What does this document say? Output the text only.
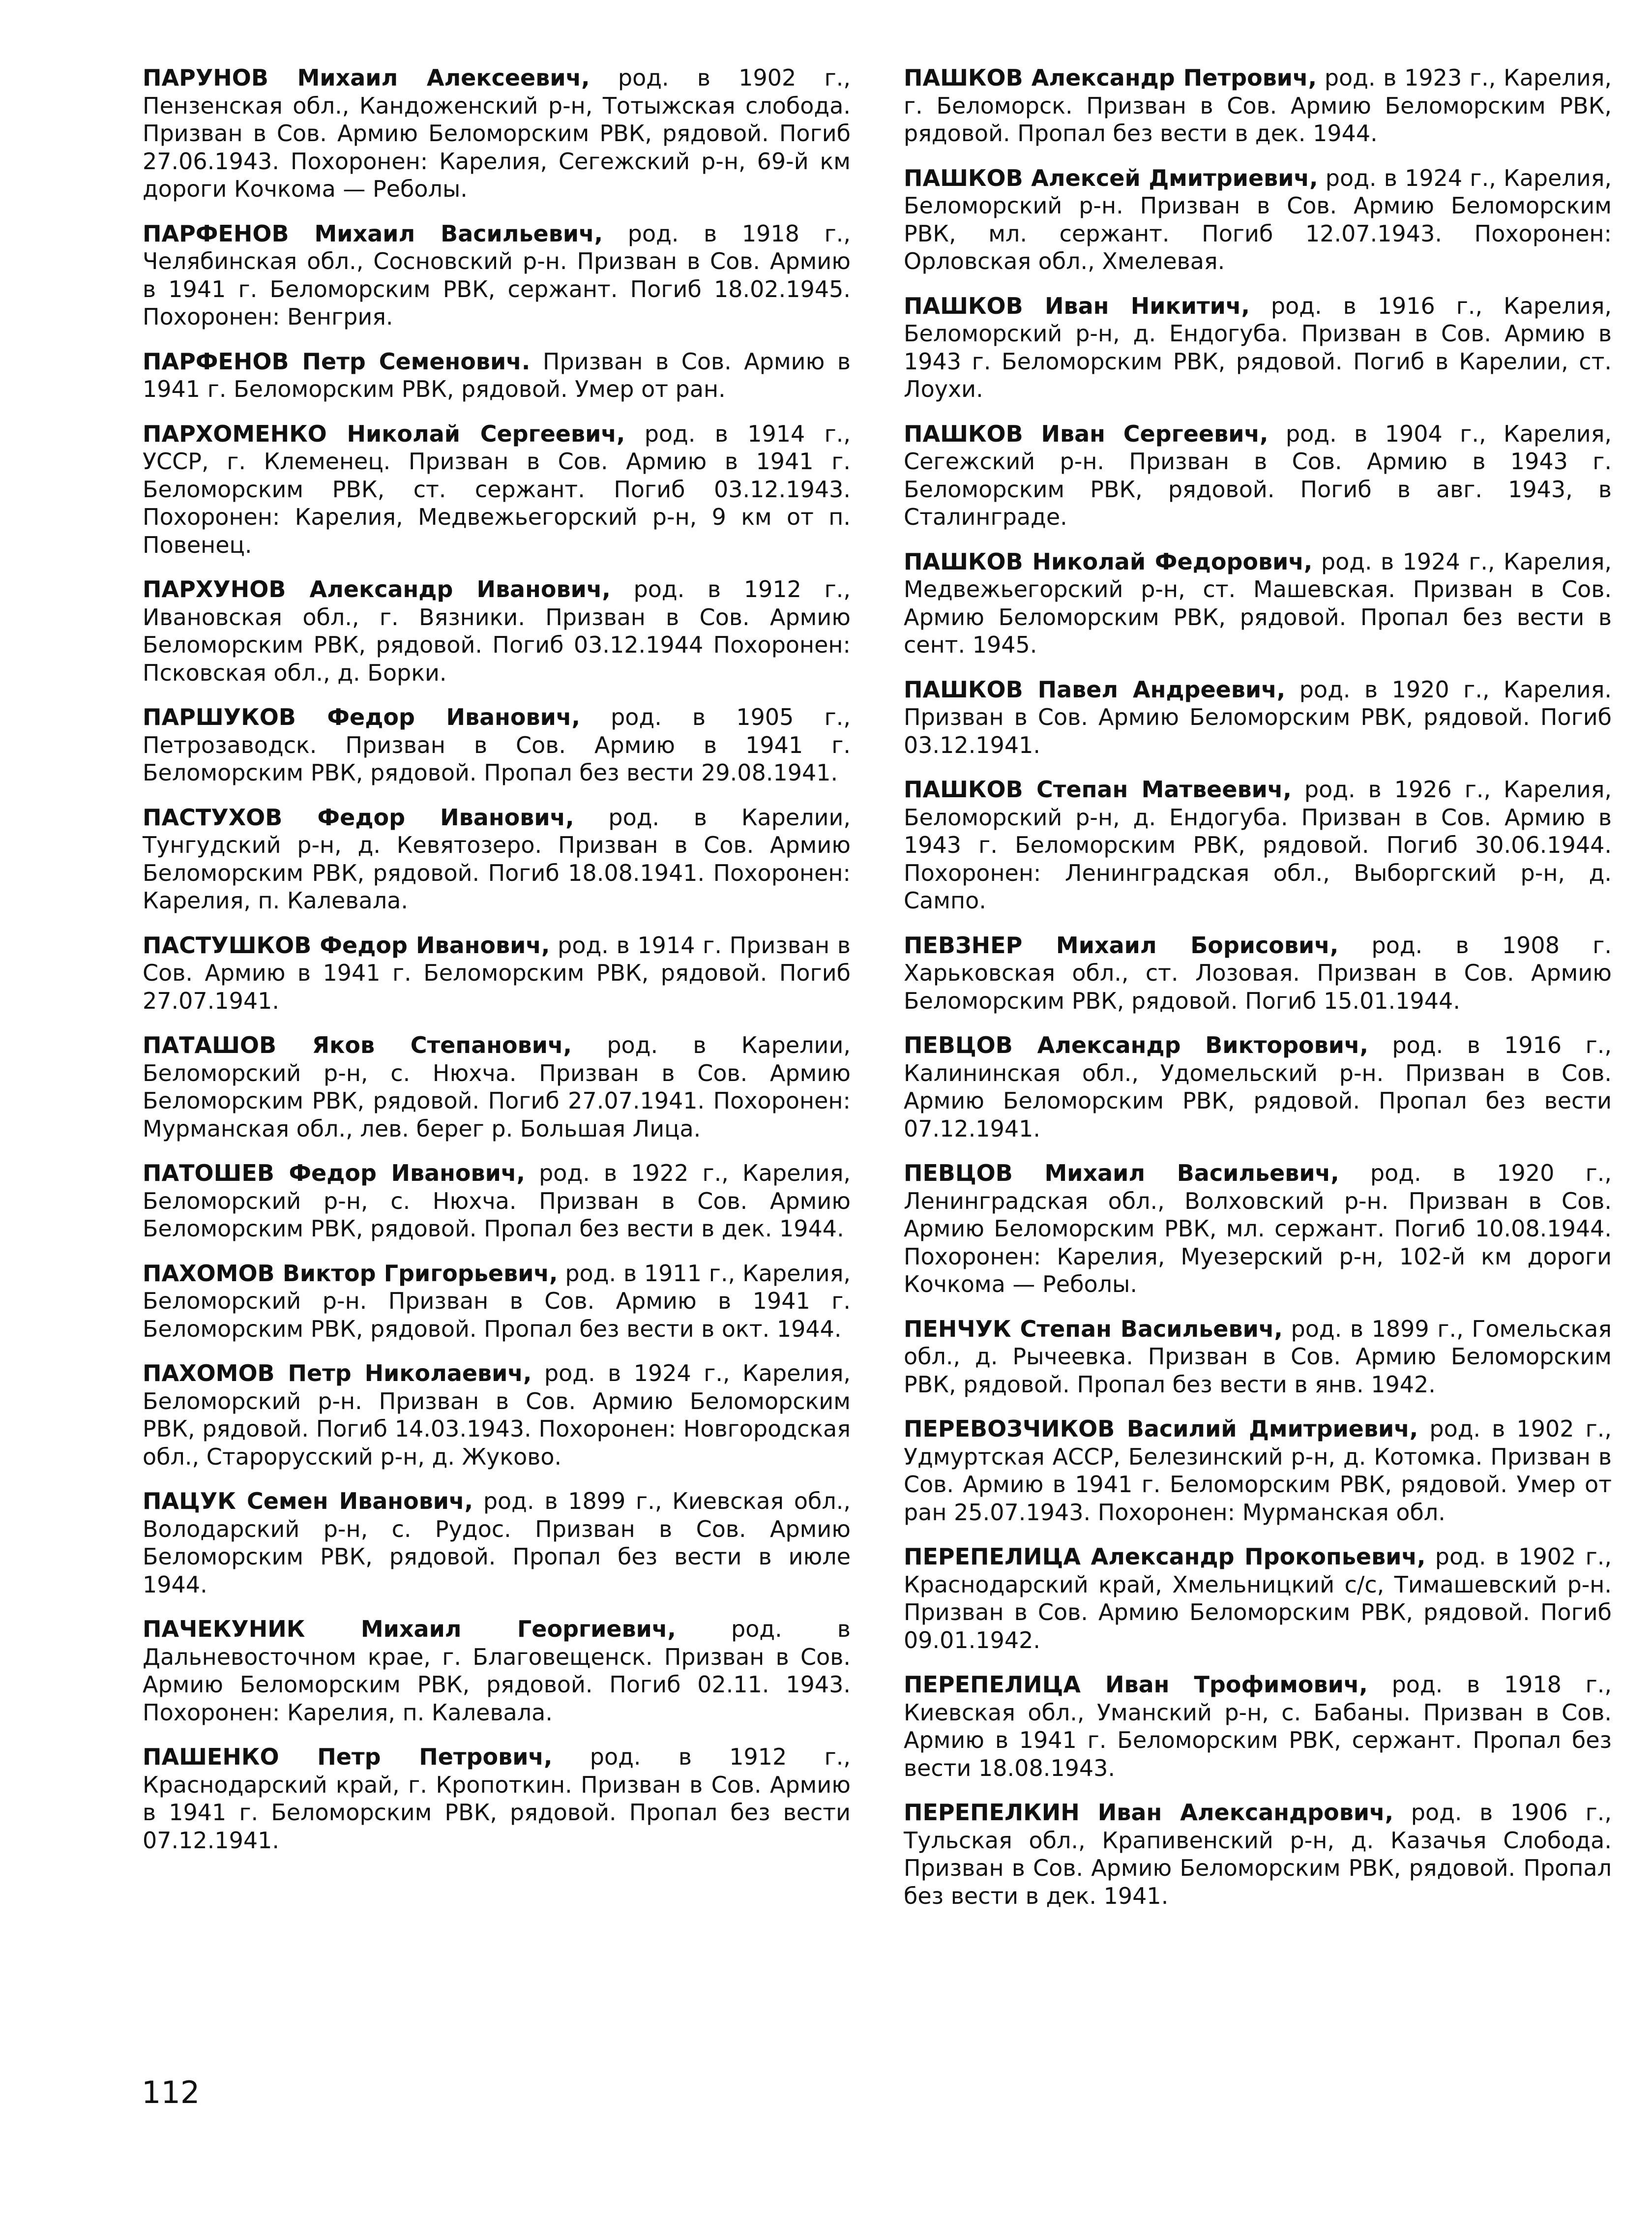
ПАРУНОВ Михаил Алексеевич, род. в 1902 г., Пензенская обл., Кандоженский р-н, Тотыжская слобода. Призван в Сов. Армию Беломорским РВК, рядовой. Погиб 27.06.1943. Похоронен: Карелия, Сегежский р-н, 69-й км дороги Кочкома — Реболы.

ПАРФЕНОВ Михаил Васильевич, род. в 1918 г., Челябинская обл., Сосновский р-н. Призван в Сов. Армию в 1941 г. Беломорским РВК, сержант. Погиб 18.02.1945. Похоронен: Венгрия.

ПАРФЕНОВ Петр Семенович. Призван в Сов. Армию в 1941 г. Беломорским РВК, рядовой. Умер от ран.

ПАРХОМЕНКО Николай Сергеевич, род. в 1914 г., УССР, г. Клеменец. Призван в Сов. Армию в 1941 г. Беломорским РВК, ст. сержант. Погиб 03.12.1943. Похоронен: Карелия, Медвежьегорский р-н, 9 км от п. Повенец.

ПАРХУНОВ Александр Иванович, род. в 1912 г., Ивановская обл., г. Вязники. Призван в Сов. Армию Беломорским РВК, рядовой. Погиб 03.12.1944 Похоронен: Псковская обл., д. Борки.

ПАРШУКОВ Федор Иванович, род. в 1905 г., Петрозаводск. Призван в Сов. Армию в 1941 г. Беломорским РВК, рядовой. Пропал без вести 29.08.1941.

ПАСТУХОВ Федор Иванович, род. в Карелии, Тунгудский р-н, д. Кевятозеро. Призван в Сов. Армию Беломорским РВК, рядовой. Погиб 18.08.1941. Похоронен: Карелия, п. Калевала.

ПАСТУШКОВ Федор Иванович, род. в 1914 г. Призван в Сов. Армию в 1941 г. Беломорским РВК, рядовой. Погиб 27.07.1941.

ПАТАШОВ Яков Степанович, род. в Карелии, Беломорский р-н, с. Нюхча. Призван в Сов. Армию Беломорским РВК, рядовой. Погиб 27.07.1941. Похоронен: Мурманская обл., лев. берег р. Большая Лица.

ПАТОШЕВ Федор Иванович, род. в 1922 г., Карелия, Беломорский р-н, с. Нюхча. Призван в Сов. Армию Беломорским РВК, рядовой. Пропал без вести в дек. 1944.

ПАХОМОВ Виктор Григорьевич, род. в 1911 г., Карелия, Беломорский р-н. Призван в Сов. Армию в 1941 г. Беломорским РВК, рядовой. Пропал без вести в окт. 1944.

ПАХОМОВ Петр Николаевич, род. в 1924 г., Карелия, Беломорский р-н. Призван в Сов. Армию Беломорским РВК, рядовой. Погиб 14.03.1943. Похоронен: Новгородская обл., Старорусский р-н, д. Жуково.

ПАЦУК Семен Иванович, род. в 1899 г., Киевская обл., Володарский р-н, с. Рудос. Призван в Сов. Армию Беломорским РВК, рядовой. Пропал без вести в июле 1944.

ПАЧЕКУНИК Михаил Георгиевич, род. в Дальневосточном крае, г. Благовещенск. Призван в Сов. Армию Беломорским РВК, рядовой. Погиб 02.11. 1943. Похоронен: Карелия, п. Калевала.

ПАШЕНКО Петр Петрович, род. в 1912 г., Краснодарский край, г. Кропоткин. Призван в Сов. Армию в 1941 г. Беломорским РВК, рядовой. Пропал без вести 07.12.1941.

ПАШКОВ Александр Петрович, род. в 1923 г., Карелия, г. Беломорск. Призван в Сов. Армию Беломорским РВК, рядовой. Пропал без вести в дек. 1944.

ПАШКОВ Алексей Дмитриевич, род. в 1924 г., Карелия, Беломорский р-н. Призван в Сов. Армию Беломорским РВК, мл. сержант. Погиб 12.07.1943. Похоронен: Орловская обл., Хмелевая.

ПАШКОВ Иван Никитич, род. в 1916 г., Карелия, Беломорский р-н, д. Ендогуба. Призван в Сов. Армию в 1943 г. Беломорским РВК, рядовой. Погиб в Карелии, ст. Лоухи.

ПАШКОВ Иван Сергеевич, род. в 1904 г., Карелия, Сегежский р-н. Призван в Сов. Армию в 1943 г. Беломорским РВК, рядовой. Погиб в авг. 1943, в Сталинграде.

ПАШКОВ Николай Федорович, род. в 1924 г., Карелия, Медвежьегорский р-н, ст. Машевская. Призван в Сов. Армию Беломорским РВК, рядовой. Пропал без вести в сент. 1945.

ПАШКОВ Павел Андреевич, род. в 1920 г., Карелия. Призван в Сов. Армию Беломорским РВК, рядовой. Погиб 03.12.1941.

ПАШКОВ Степан Матвеевич, род. в 1926 г., Карелия, Беломорский р-н, д. Ендогуба. Призван в Сов. Армию в 1943 г. Беломорским РВК, рядовой. Погиб 30.06.1944. Похоронен: Ленинградская обл., Выборгский р-н, д. Сампо.

ПЕВЗНЕР Михаил Борисович, род. в 1908 г. Харьковская обл., ст. Лозовая. Призван в Сов. Армию Беломорским РВК, рядовой. Погиб 15.01.1944.

ПЕВЦОВ Александр Викторович, род. в 1916 г., Калининская обл., Удомельский р-н. Призван в Сов. Армию Беломорским РВК, рядовой. Пропал без вести 07.12.1941.

ПЕВЦОВ Михаил Васильевич, род. в 1920 г., Ленинградская обл., Волховский р-н. Призван в Сов. Армию Беломорским РВК, мл. сержант. Погиб 10.08.1944. Похоронен: Карелия, Муезерский р-н, 102-й км дороги Кочкома — Реболы.

ПЕНЧУК Степан Васильевич, род. в 1899 г., Гомельская обл., д. Рычеевка. Призван в Сов. Армию Беломорским РВК, рядовой. Пропал без вести в янв. 1942.

ПЕРЕВОЗЧИКОВ Василий Дмитриевич, род. в 1902 г., Удмуртская АССР, Белезинский р-н, д. Котомка. Призван в Сов. Армию в 1941 г. Беломорским РВК, рядовой. Умер от ран 25.07.1943. Похоронен: Мурманская обл.

ПЕРЕПЕЛИЦА Александр Прокопьевич, род. в 1902 г., Краснодарский край, Хмельницкий с/с, Тимашевский р-н. Призван в Сов. Армию Беломорским РВК, рядовой. Погиб 09.01.1942.

ПЕРЕПЕЛИЦА Иван Трофимович, род. в 1918 г., Киевская обл., Уманский р-н, с. Бабаны. Призван в Сов. Армию в 1941 г. Беломорским РВК, сержант. Пропал без вести 18.08.1943.

ПЕРЕПЕЛКИН Иван Александрович, род. в 1906 г., Тульская обл., Крапивенский р-н, д. Казачья Слобода. Призван в Сов. Армию Беломорским РВК, рядовой. Пропал без вести в дек. 1941.

112
